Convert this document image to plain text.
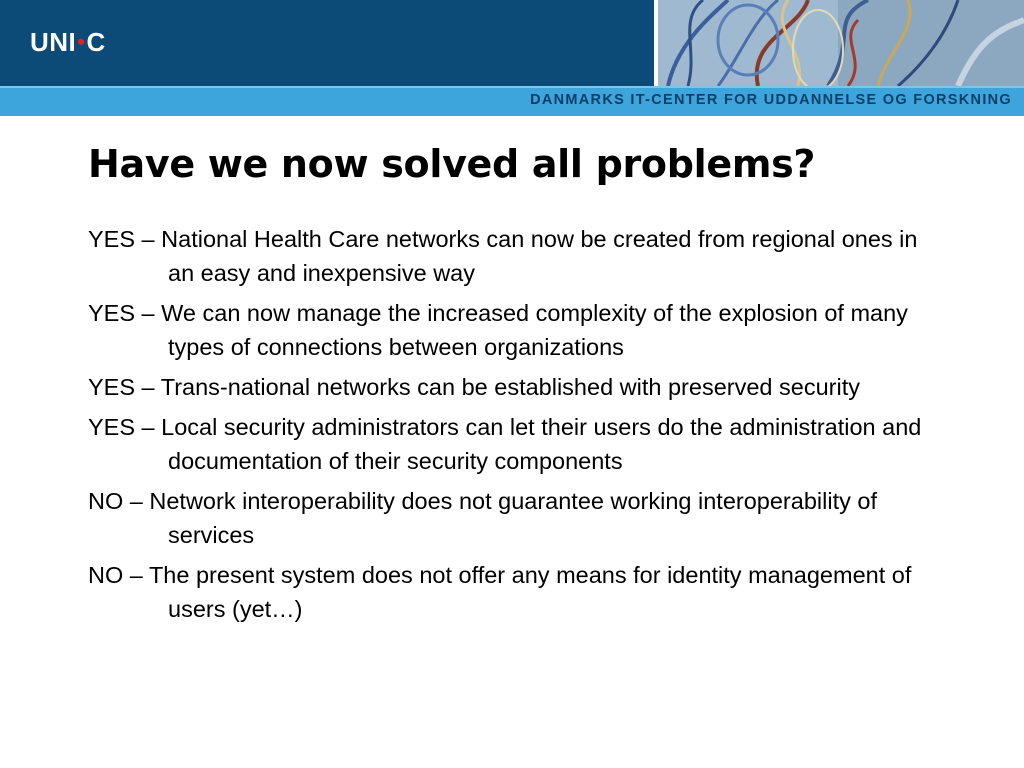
UNI•C
DANMARKS IT-CENTER FOR UDDANNELSE OG FORSKNING
Have we now solved all problems?
YES – National Health Care networks can now be created from regional ones in an easy and inexpensive way
YES – We can now manage the increased complexity of the explosion of many types of connections between organizations
YES – Trans-national networks can be established with preserved security
YES – Local security administrators can let their users do the administration and documentation of their security components
NO – Network interoperability does not guarantee working interoperability of services
NO – The present system does not offer any means for identity management of users (yet…)
